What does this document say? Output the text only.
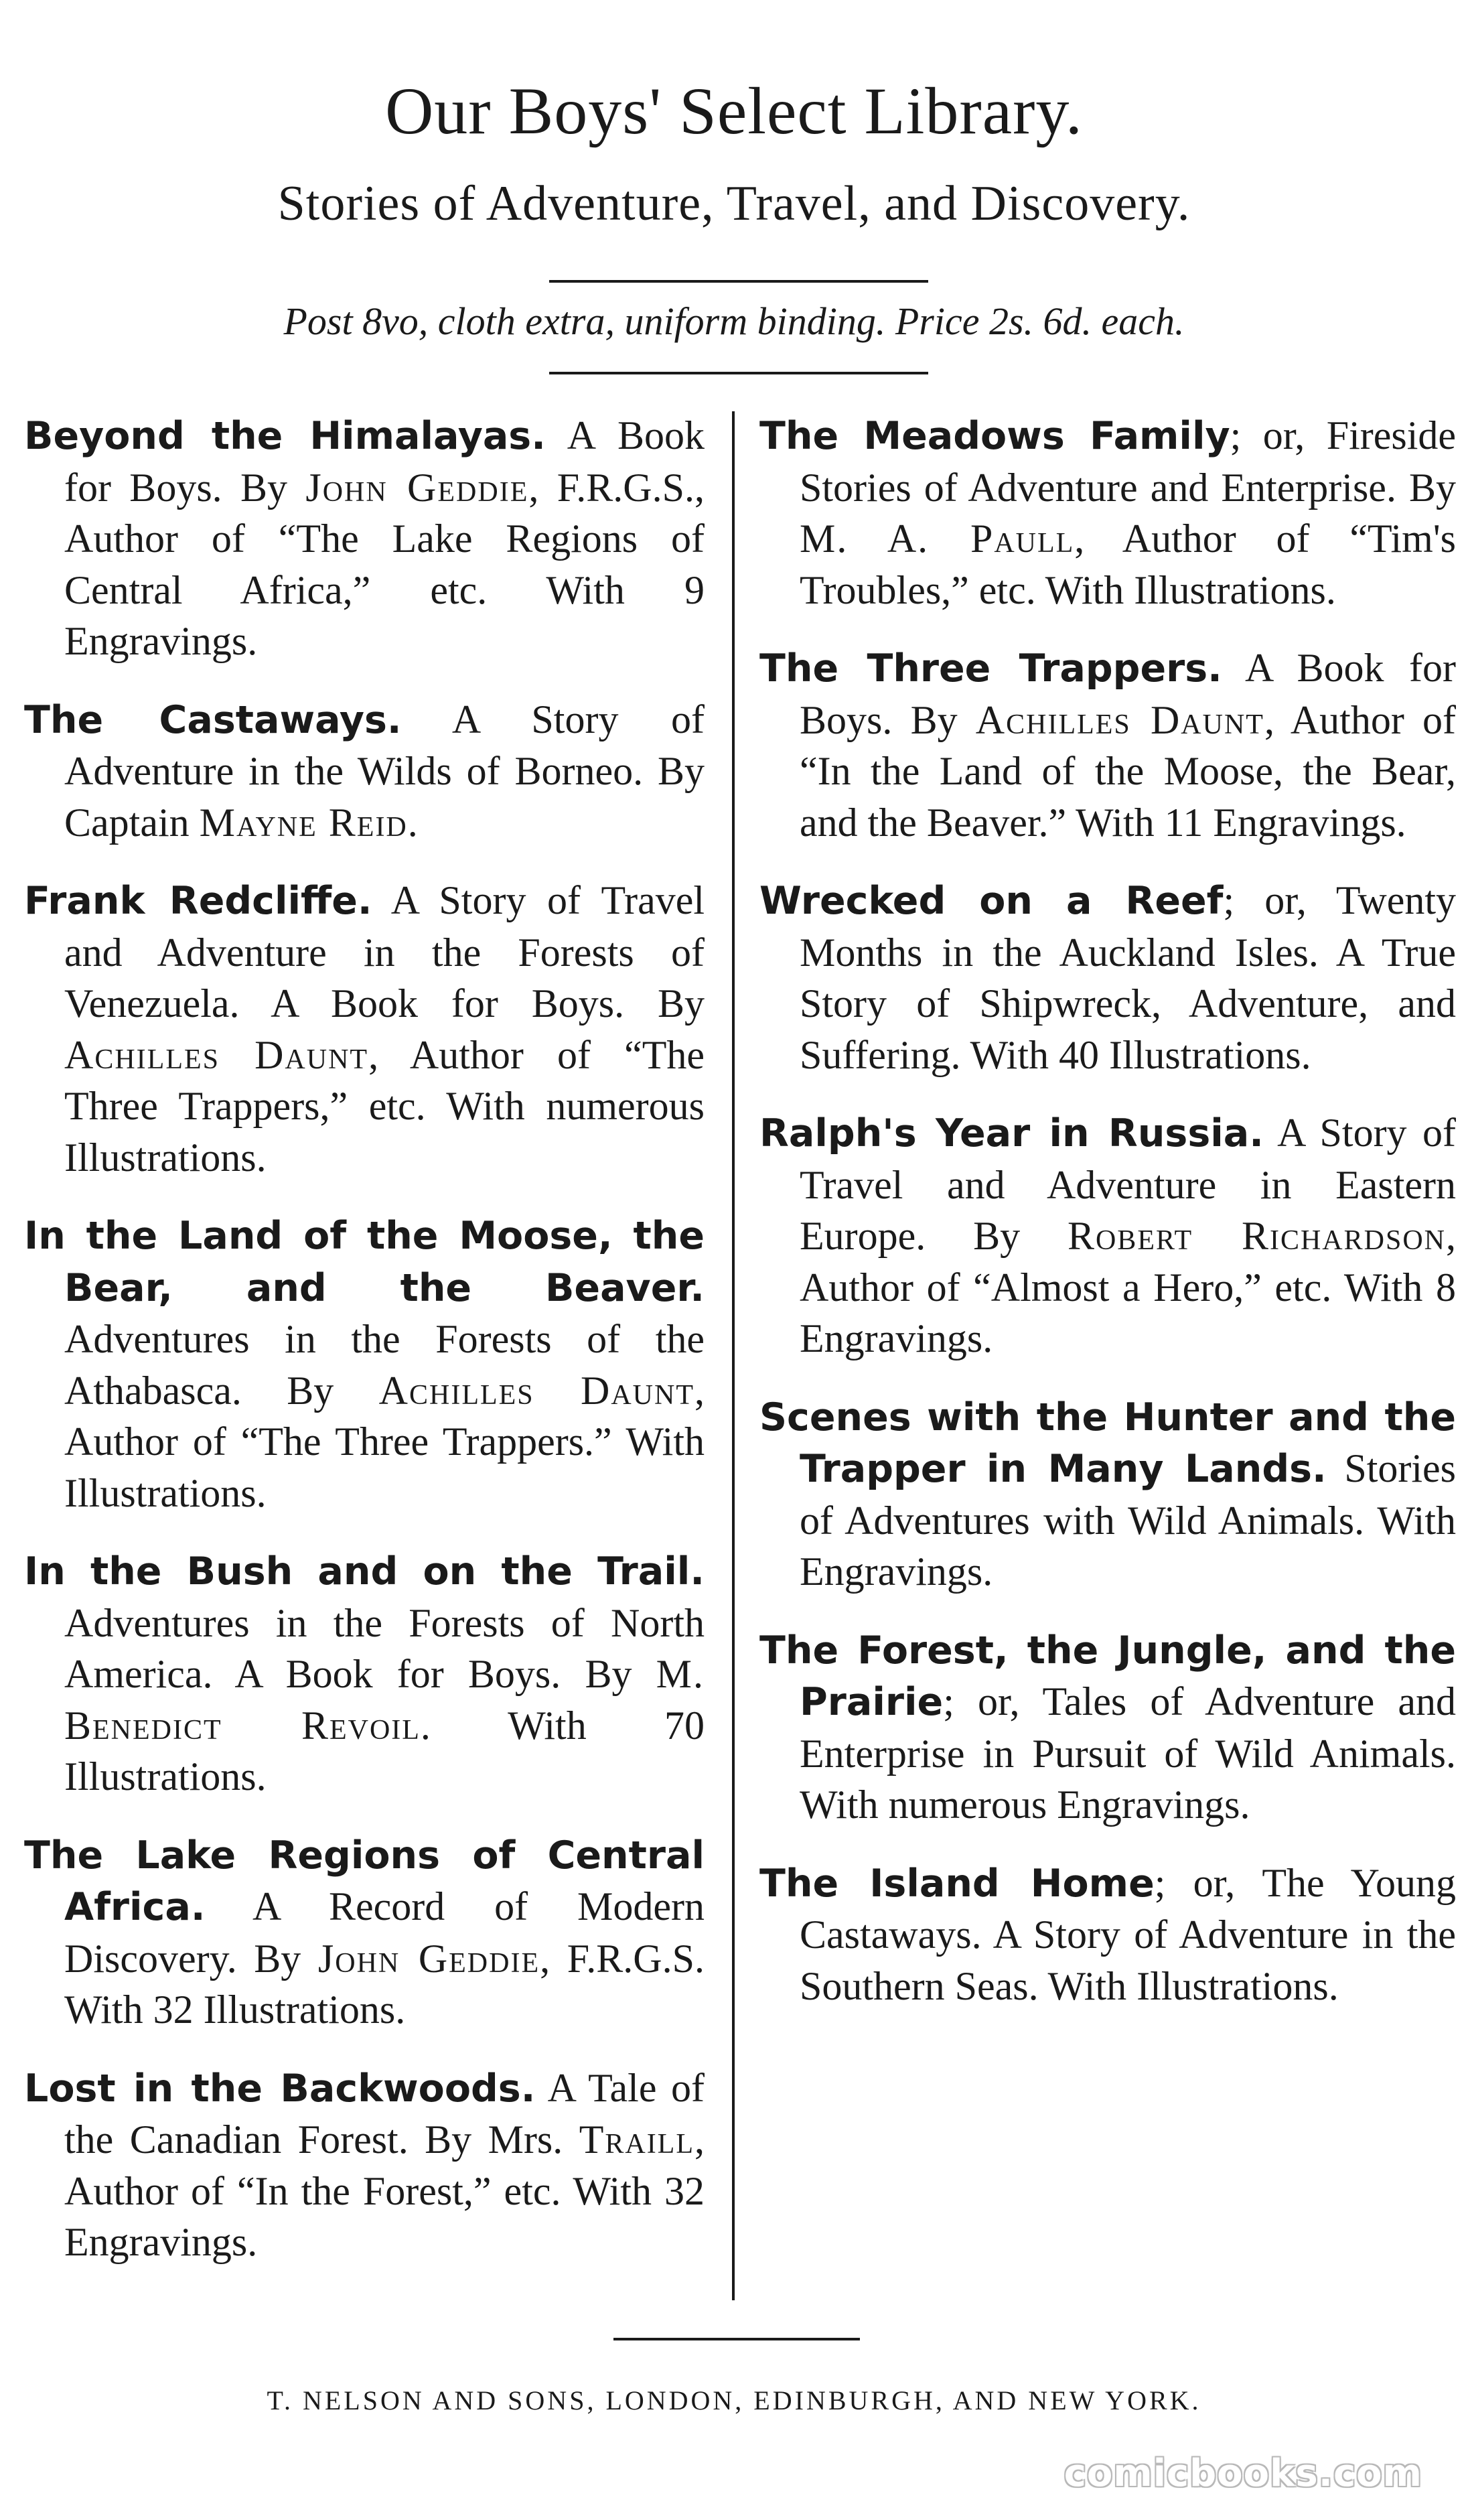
Our Boys' Select Library.
Stories of Adventure, Travel, and Discovery.

Post 8vo, cloth extra, uniform binding. Price 2s. 6d. each.

Beyond the Himalayas. A Book for Boys. By John Geddie, F.R.G.S., Author of “The Lake Regions of Central Africa,” etc. With 9 Engravings.

The Castaways. A Story of Adventure in the Wilds of Borneo. By Captain Mayne Reid.

Frank Redcliffe. A Story of Travel and Adventure in the Forests of Venezuela. A Book for Boys. By Achilles Daunt, Author of “The Three Trappers,” etc. With numerous Illustrations.

In the Land of the Moose, the Bear, and the Beaver. Adventures in the Forests of the Athabasca. By Achilles Daunt, Author of “The Three Trappers.” With Illustrations.

In the Bush and on the Trail. Adventures in the Forests of North America. A Book for Boys. By M. Benedict Revoil. With 70 Illustrations.

The Lake Regions of Central Africa. A Record of Modern Discovery. By John Geddie, F.R.G.S. With 32 Illustrations.

Lost in the Backwoods. A Tale of the Canadian Forest. By Mrs. Traill, Author of “In the Forest,” etc. With 32 Engravings.

The Meadows Family; or, Fireside Stories of Adventure and Enterprise. By M. A. Paull, Author of “Tim's Troubles,” etc. With Illustrations.

The Three Trappers. A Book for Boys. By Achilles Daunt, Author of “In the Land of the Moose, the Bear, and the Beaver.” With 11 Engravings.

Wrecked on a Reef; or, Twenty Months in the Auckland Isles. A True Story of Shipwreck, Adventure, and Suffering. With 40 Illustrations.

Ralph's Year in Russia. A Story of Travel and Adventure in Eastern Europe. By Robert Richardson, Author of “Almost a Hero,” etc. With 8 Engravings.

Scenes with the Hunter and the Trapper in Many Lands. Stories of Adventures with Wild Animals. With Engravings.

The Forest, the Jungle, and the Prairie; or, Tales of Adventure and Enterprise in Pursuit of Wild Animals. With numerous Engravings.

The Island Home; or, The Young Castaways. A Story of Adventure in the Southern Seas. With Illustrations.

T. NELSON AND SONS, LONDON, EDINBURGH, AND NEW YORK.

comicbooks.com
